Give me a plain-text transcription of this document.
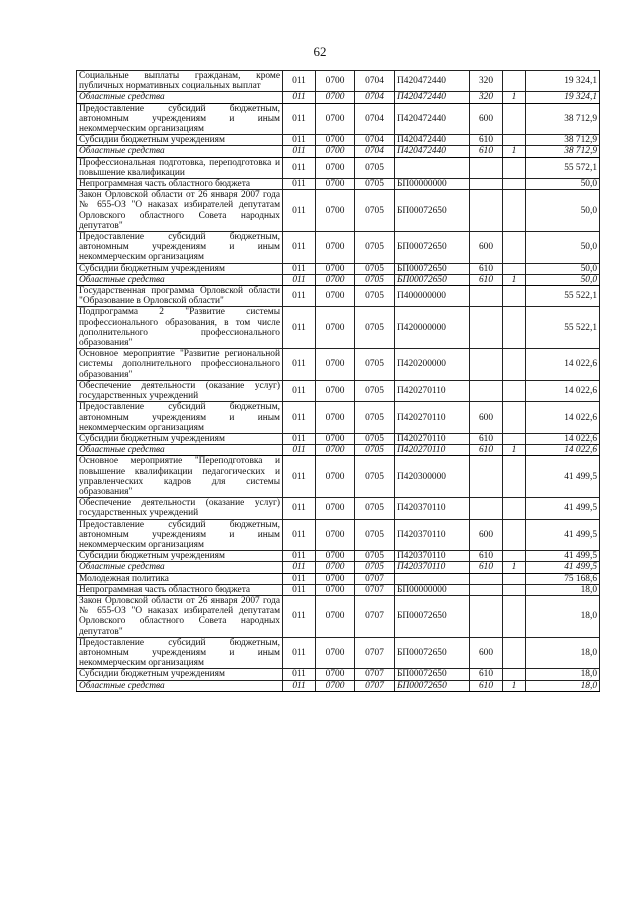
62
Социальные выплаты гражданам, кроме публичных нормативных социальных выплат	011	0700	0704	П420472440	320		19 324,1
Областные средства	011	0700	0704	П420472440	320	1	19 324,1
Предоставление субсидий бюджетным, автономным учреждениям и иным некоммерческим организациям	011	0700	0704	П420472440	600		38 712,9
Субсидии бюджетным учреждениям	011	0700	0704	П420472440	610		38 712,9
Областные средства	011	0700	0704	П420472440	610	1	38 712,9
Профессиональная подготовка, переподготовка и повышение квалификации	011	0700	0705				55 572,1
Непрограммная часть областного бюджета	011	0700	0705	БП00000000			50,0
Закон Орловской области от 26 января 2007 года № 655-ОЗ "О наказах избирателей депутатам Орловского областного Совета народных депутатов"	011	0700	0705	БП00072650			50,0
Предоставление субсидий бюджетным, автономным учреждениям и иным некоммерческим организациям	011	0700	0705	БП00072650	600		50,0
Субсидии бюджетным учреждениям	011	0700	0705	БП00072650	610		50,0
Областные средства	011	0700	0705	БП00072650	610	1	50,0
Государственная программа Орловской области "Образование в Орловской области"	011	0700	0705	П400000000			55 522,1
Подпрограмма 2 "Развитие системы профессионального образования, в том числе дополнительного профессионального образования"	011	0700	0705	П420000000			55 522,1
Основное мероприятие "Развитие региональной системы дополнительного профессионального образования"	011	0700	0705	П420200000			14 022,6
Обеспечение деятельности (оказание услуг) государственных учреждений	011	0700	0705	П420270110			14 022,6
Предоставление субсидий бюджетным, автономным учреждениям и иным некоммерческим организациям	011	0700	0705	П420270110	600		14 022,6
Субсидии бюджетным учреждениям	011	0700	0705	П420270110	610		14 022,6
Областные средства	011	0700	0705	П420270110	610	1	14 022,6
Основное мероприятие "Переподготовка и повышение квалификации педагогических и управленческих кадров для системы образования"	011	0700	0705	П420300000			41 499,5
Обеспечение деятельности (оказание услуг) государственных учреждений	011	0700	0705	П420370110			41 499,5
Предоставление субсидий бюджетным, автономным учреждениям и иным некоммерческим организациям	011	0700	0705	П420370110	600		41 499,5
Субсидии бюджетным учреждениям	011	0700	0705	П420370110	610		41 499,5
Областные средства	011	0700	0705	П420370110	610	1	41 499,5
Молодежная политика	011	0700	0707				75 168,6
Непрограммная часть областного бюджета	011	0700	0707	БП00000000			18,0
Закон Орловской области от 26 января 2007 года № 655-ОЗ "О наказах избирателей депутатам Орловского областного Совета народных депутатов"	011	0700	0707	БП00072650			18,0
Предоставление субсидий бюджетным, автономным учреждениям и иным некоммерческим организациям	011	0700	0707	БП00072650	600		18,0
Субсидии бюджетным учреждениям	011	0700	0707	БП00072650	610		18,0
Областные средства	011	0700	0707	БП00072650	610	1	18,0
